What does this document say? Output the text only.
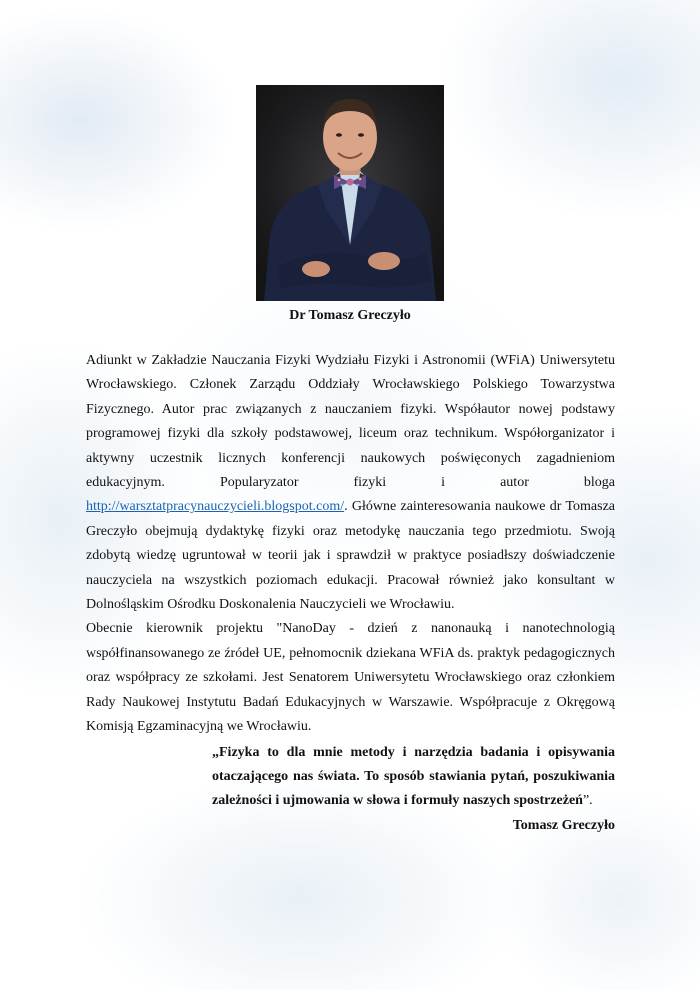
Dr Tomasz Greczyło

Adiunkt w Zakładzie Nauczania Fizyki Wydziału Fizyki i Astronomii (WFiA) Uniwersytetu Wrocławskiego. Członek Zarządu Oddziały Wrocławskiego Polskiego Towarzystwa Fizycznego. Autor prac związanych z nauczaniem fizyki. Współautor nowej podstawy programowej fizyki dla szkoły podstawowej, liceum oraz technikum. Współorganizator i aktywny uczestnik licznych konferencji naukowych poświęconych zagadnieniom edukacyjnym. Popularyzator fizyki i autor bloga http://warsztatpracynauczycieli.blogspot.com/. Główne zainteresowania naukowe dr Tomasza Greczyło obejmują dydaktykę fizyki oraz metodykę nauczania tego przedmiotu. Swoją zdobytą wiedzę ugruntował w teorii jak i sprawdził w praktyce posiadłszy doświadczenie nauczyciela na wszystkich poziomach edukacji. Pracował również jako konsultant w Dolnośląskim Ośrodku Doskonalenia Nauczycieli we Wrocławiu.

Obecnie kierownik projektu "NanoDay - dzień z nanonauką i nanotechnologią współfinansowanego ze źródeł UE, pełnomocnik dziekana WFiA ds. praktyk pedagogicznych oraz współpracy ze szkołami. Jest Senatorem Uniwersytetu Wrocławskiego oraz członkiem Rady Naukowej Instytutu Badań Edukacyjnych w Warszawie. Współpracuje z Okręgową Komisją Egzaminacyjną we Wrocławiu.

„Fizyka to dla mnie metody i narzędzia badania i opisywania otaczającego nas świata. To sposób stawiania pytań, poszukiwania zależności i ujmowania w słowa i formuły naszych spostrzeżeń”.
Tomasz Greczyło
